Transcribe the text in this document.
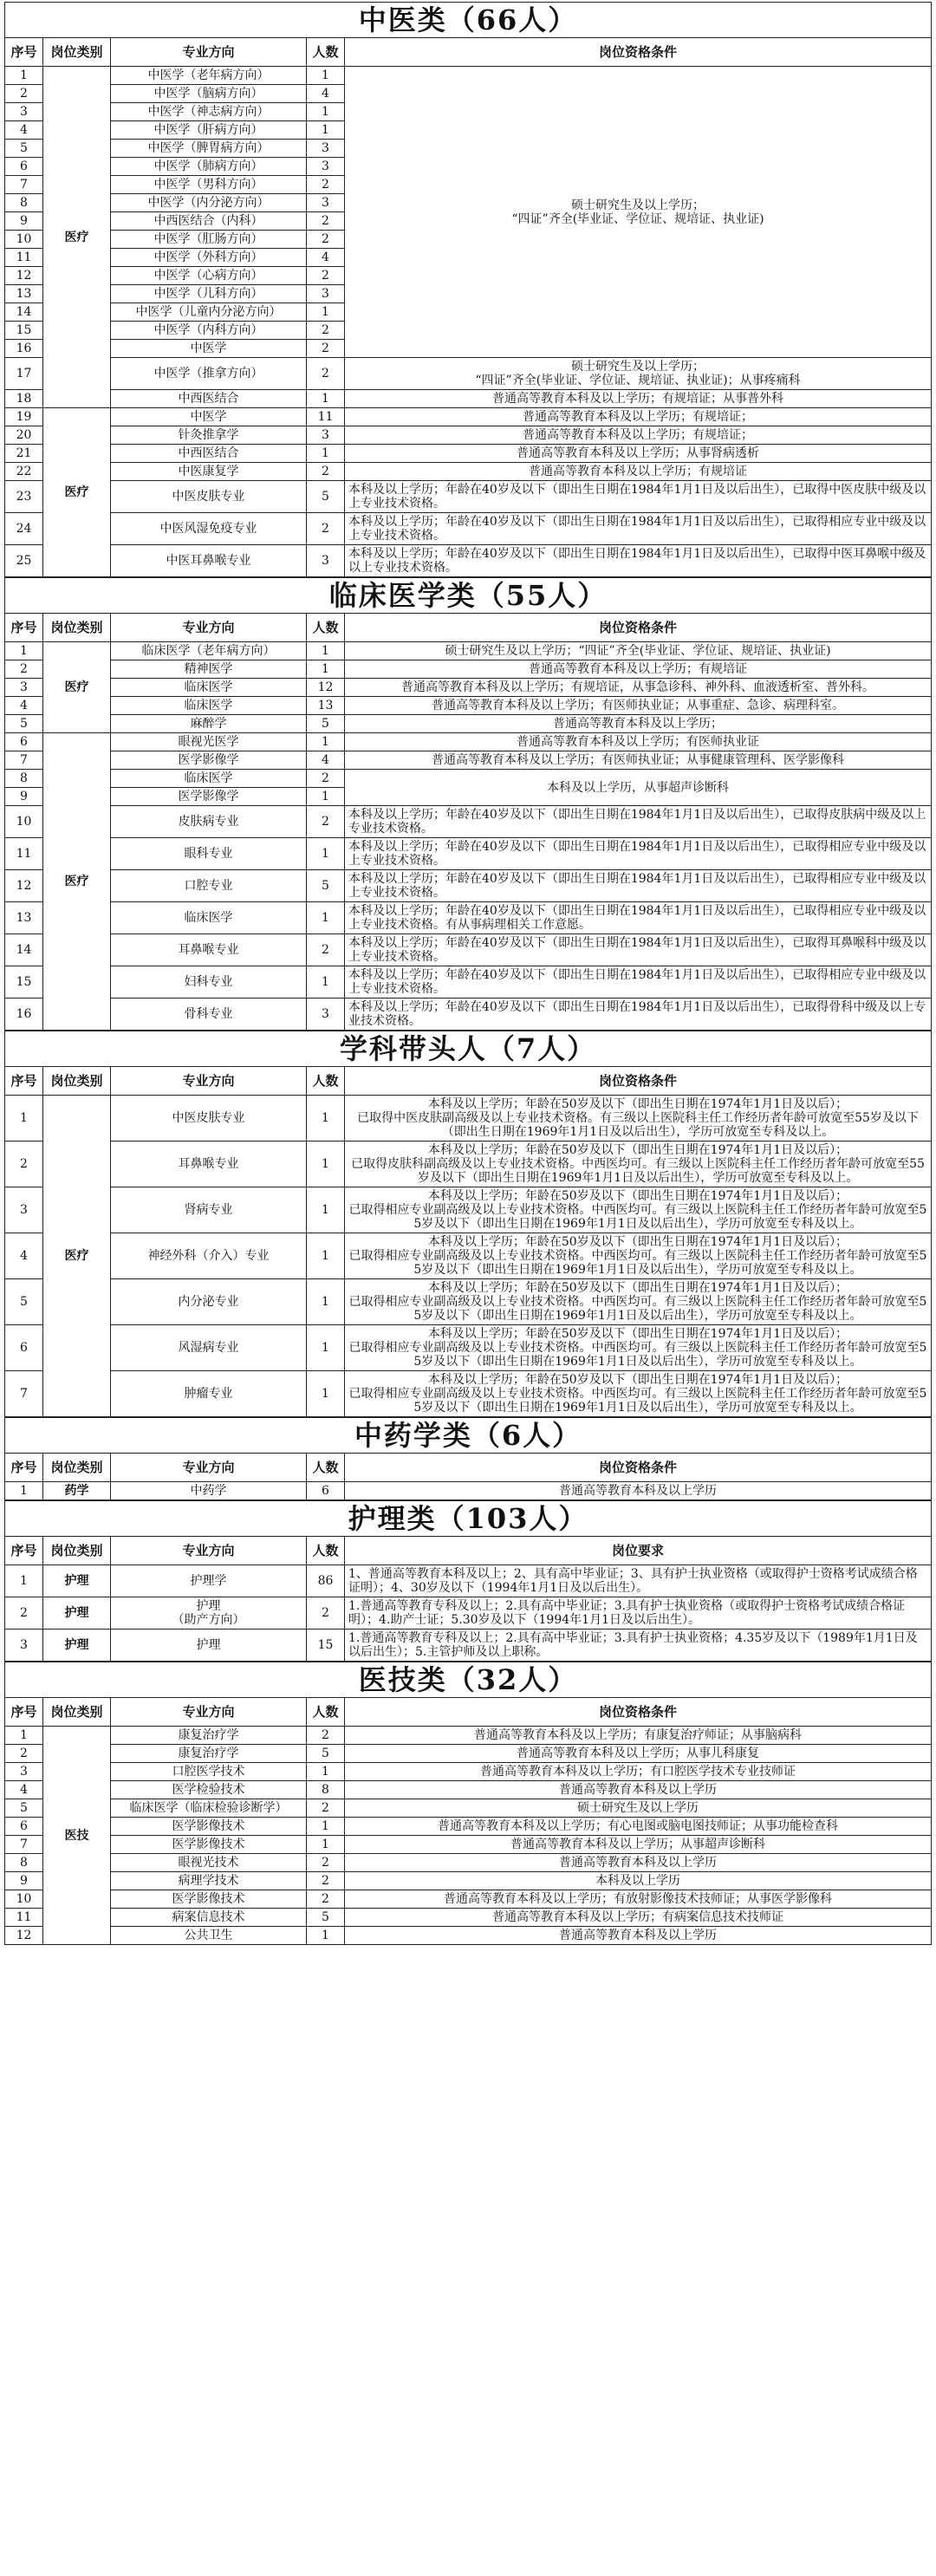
中医类（66人）
序号	岗位类别	专业方向	人数	岗位资格条件
1	医疗	中医学（老年病方向）	1	硕士研究生及以上学历；
“四证”齐全(毕业证、学位证、规培证、执业证)
2		中医学（脑病方向）	4	
3		中医学（神志病方向）	1	
4		中医学（肝病方向）	1	
5		中医学（脾胃病方向）	3	
6		中医学（肺病方向）	3	
7		中医学（男科方向）	2	
8		中医学（内分泌方向）	3	
9		中西医结合（内科）	2	
10		中医学（肛肠方向）	2	
11		中医学（外科方向）	4	
12		中医学（心病方向）	2	
13		中医学（儿科方向）	3	
14		中医学（儿童内分泌方向）	1	
15		中医学（内科方向）	2	
16		中医学	2	
17		中医学（推拿方向）	2	硕士研究生及以上学历；
“四证”齐全(毕业证、学位证、规培证、执业证)；从事疼痛科
18		中西医结合	1	普通高等教育本科及以上学历；有规培证；从事普外科
19	医疗	中医学	11	普通高等教育本科及以上学历；有规培证；
20		针灸推拿学	3	普通高等教育本科及以上学历；有规培证；
21		中西医结合	1	普通高等教育本科及以上学历；从事肾病透析
22		中医康复学	2	普通高等教育本科及以上学历；有规培证
23		中医皮肤专业	5	本科及以上学历；年龄在40岁及以下（即出生日期在1984年1月1日及以后出生），已取得中医皮肤中级及以上专业技术资格。
24		中医风湿免疫专业	2	本科及以上学历；年龄在40岁及以下（即出生日期在1984年1月1日及以后出生），已取得相应专业中级及以上专业技术资格。
25		中医耳鼻喉专业	3	本科及以上学历；年龄在40岁及以下（即出生日期在1984年1月1日及以后出生），已取得中医耳鼻喉中级及以上专业技术资格。
临床医学类（55人）
序号	岗位类别	专业方向	人数	岗位资格条件
1	医疗	临床医学（老年病方向）	1	硕士研究生及以上学历；“四证”齐全(毕业证、学位证、规培证、执业证)
2		精神医学	1	普通高等教育本科及以上学历；有规培证
3		临床医学	12	普通高等教育本科及以上学历；有规培证，从事急诊科、神外科、血液透析室、普外科。
4		临床医学	13	普通高等教育本科及以上学历；有医师执业证；从事重症、急诊、病理科室。
5		麻醉学	5	普通高等教育本科及以上学历；
6	医疗	眼视光医学	1	普通高等教育本科及以上学历；有医师执业证
7		医学影像学	4	普通高等教育本科及以上学历；有医师执业证；从事健康管理科、医学影像科
8		临床医学	2	本科及以上学历，从事超声诊断科
9		医学影像学	1	
10		皮肤病专业	2	本科及以上学历；年龄在40岁及以下（即出生日期在1984年1月1日及以后出生），已取得皮肤病中级及以上专业技术资格。
11		眼科专业	1	本科及以上学历；年龄在40岁及以下（即出生日期在1984年1月1日及以后出生），已取得相应专业中级及以上专业技术资格。
12		口腔专业	5	本科及以上学历；年龄在40岁及以下（即出生日期在1984年1月1日及以后出生），已取得相应专业中级及以上专业技术资格。
13		临床医学	1	本科及以上学历；年龄在40岁及以下（即出生日期在1984年1月1日及以后出生），已取得相应专业中级及以上专业技术资格。有从事病理相关工作意愿。
14		耳鼻喉专业	2	本科及以上学历；年龄在40岁及以下（即出生日期在1984年1月1日及以后出生），已取得耳鼻喉科中级及以上专业技术资格。
15		妇科专业	1	本科及以上学历；年龄在40岁及以下（即出生日期在1984年1月1日及以后出生），已取得相应专业中级及以上专业技术资格。
16		骨科专业	3	本科及以上学历；年龄在40岁及以下（即出生日期在1984年1月1日及以后出生），已取得骨科中级及以上专业技术资格。
学科带头人（7人）
序号	岗位类别	专业方向	人数	岗位资格条件
1	医疗	中医皮肤专业	1	本科及以上学历；年龄在50岁及以下（即出生日期在1974年1月1日及以后）；
已取得中医皮肤副高级及以上专业技术资格。有三级以上医院科主任工作经历者年龄可放宽至55岁及以下（即出生日期在1969年1月1日及以后出生），学历可放宽至专科及以上。
2		耳鼻喉专业	1	本科及以上学历；年龄在50岁及以下（即出生日期在1974年1月1日及以后）；
已取得皮肤科副高级及以上专业技术资格。中西医均可。有三级以上医院科主任工作经历者年龄可放宽至55岁及以下（即出生日期在1969年1月1日及以后出生），学历可放宽至专科及以上。
3		肾病专业	1	本科及以上学历；年龄在50岁及以下（即出生日期在1974年1月1日及以后）；
已取得相应专业副高级及以上专业技术资格。中西医均可。有三级以上医院科主任工作经历者年龄可放宽至55岁及以下（即出生日期在1969年1月1日及以后出生），学历可放宽至专科及以上。
4		神经外科（介入）专业	1	本科及以上学历；年龄在50岁及以下（即出生日期在1974年1月1日及以后）；
已取得相应专业副高级及以上专业技术资格。中西医均可。有三级以上医院科主任工作经历者年龄可放宽至55岁及以下（即出生日期在1969年1月1日及以后出生），学历可放宽至专科及以上。
5		内分泌专业	1	本科及以上学历；年龄在50岁及以下（即出生日期在1974年1月1日及以后）；
已取得相应专业副高级及以上专业技术资格。中西医均可。有三级以上医院科主任工作经历者年龄可放宽至55岁及以下（即出生日期在1969年1月1日及以后出生），学历可放宽至专科及以上。
6		风湿病专业	1	本科及以上学历；年龄在50岁及以下（即出生日期在1974年1月1日及以后）；
已取得相应专业副高级及以上专业技术资格。中西医均可。有三级以上医院科主任工作经历者年龄可放宽至55岁及以下（即出生日期在1969年1月1日及以后出生），学历可放宽至专科及以上。
7		肿瘤专业	1	本科及以上学历；年龄在50岁及以下（即出生日期在1974年1月1日及以后）；
已取得相应专业副高级及以上专业技术资格。中西医均可。有三级以上医院科主任工作经历者年龄可放宽至55岁及以下（即出生日期在1969年1月1日及以后出生），学历可放宽至专科及以上。
中药学类（6人）
序号	岗位类别	专业方向	人数	岗位资格条件
1	药学	中药学	6	普通高等教育本科及以上学历
护理类（103人）
序号	岗位类别	专业方向	人数	岗位要求
1	护理	护理学	86	1、普通高等教育本科及以上；2、具有高中毕业证；3、具有护士执业资格（或取得护士资格考试成绩合格证明）；4、30岁及以下（1994年1月1日及以后出生）。
2	护理	护理
（助产方向）	2	1.普通高等教育专科及以上；2.具有高中毕业证；3.具有护士执业资格（或取得护士资格考试成绩合格证明）；4.助产士证；5.30岁及以下（1994年1月1日及以后出生）。
3	护理	护理	15	1.普通高等教育专科及以上；2.具有高中毕业证；3.具有护士执业资格；4.35岁及以下（1989年1月1日及以后出生）；5.主管护师及以上职称。
医技类（32人）
序号	岗位类别	专业方向	人数	岗位资格条件
1	医技	康复治疗学	2	普通高等教育本科及以上学历；有康复治疗师证；从事脑病科
2		康复治疗学	5	普通高等教育本科及以上学历；从事儿科康复
3		口腔医学技术	1	普通高等教育本科及以上学历；有口腔医学技术专业技师证
4		医学检验技术	8	普通高等教育本科及以上学历
5		临床医学（临床检验诊断学）	2	硕士研究生及以上学历
6		医学影像技术	1	普通高等教育本科及以上学历；有心电图或脑电图技师证；从事功能检查科
7		医学影像技术	1	普通高等教育本科及以上学历；从事超声诊断科
8		眼视光技术	2	普通高等教育本科及以上学历
9		病理学技术	2	本科及以上学历
10		医学影像技术	2	普通高等教育本科及以上学历；有放射影像技术技师证；从事医学影像科
11		病案信息技术	5	普通高等教育本科及以上学历；有病案信息技术技师证
12		公共卫生	1	普通高等教育本科及以上学历
